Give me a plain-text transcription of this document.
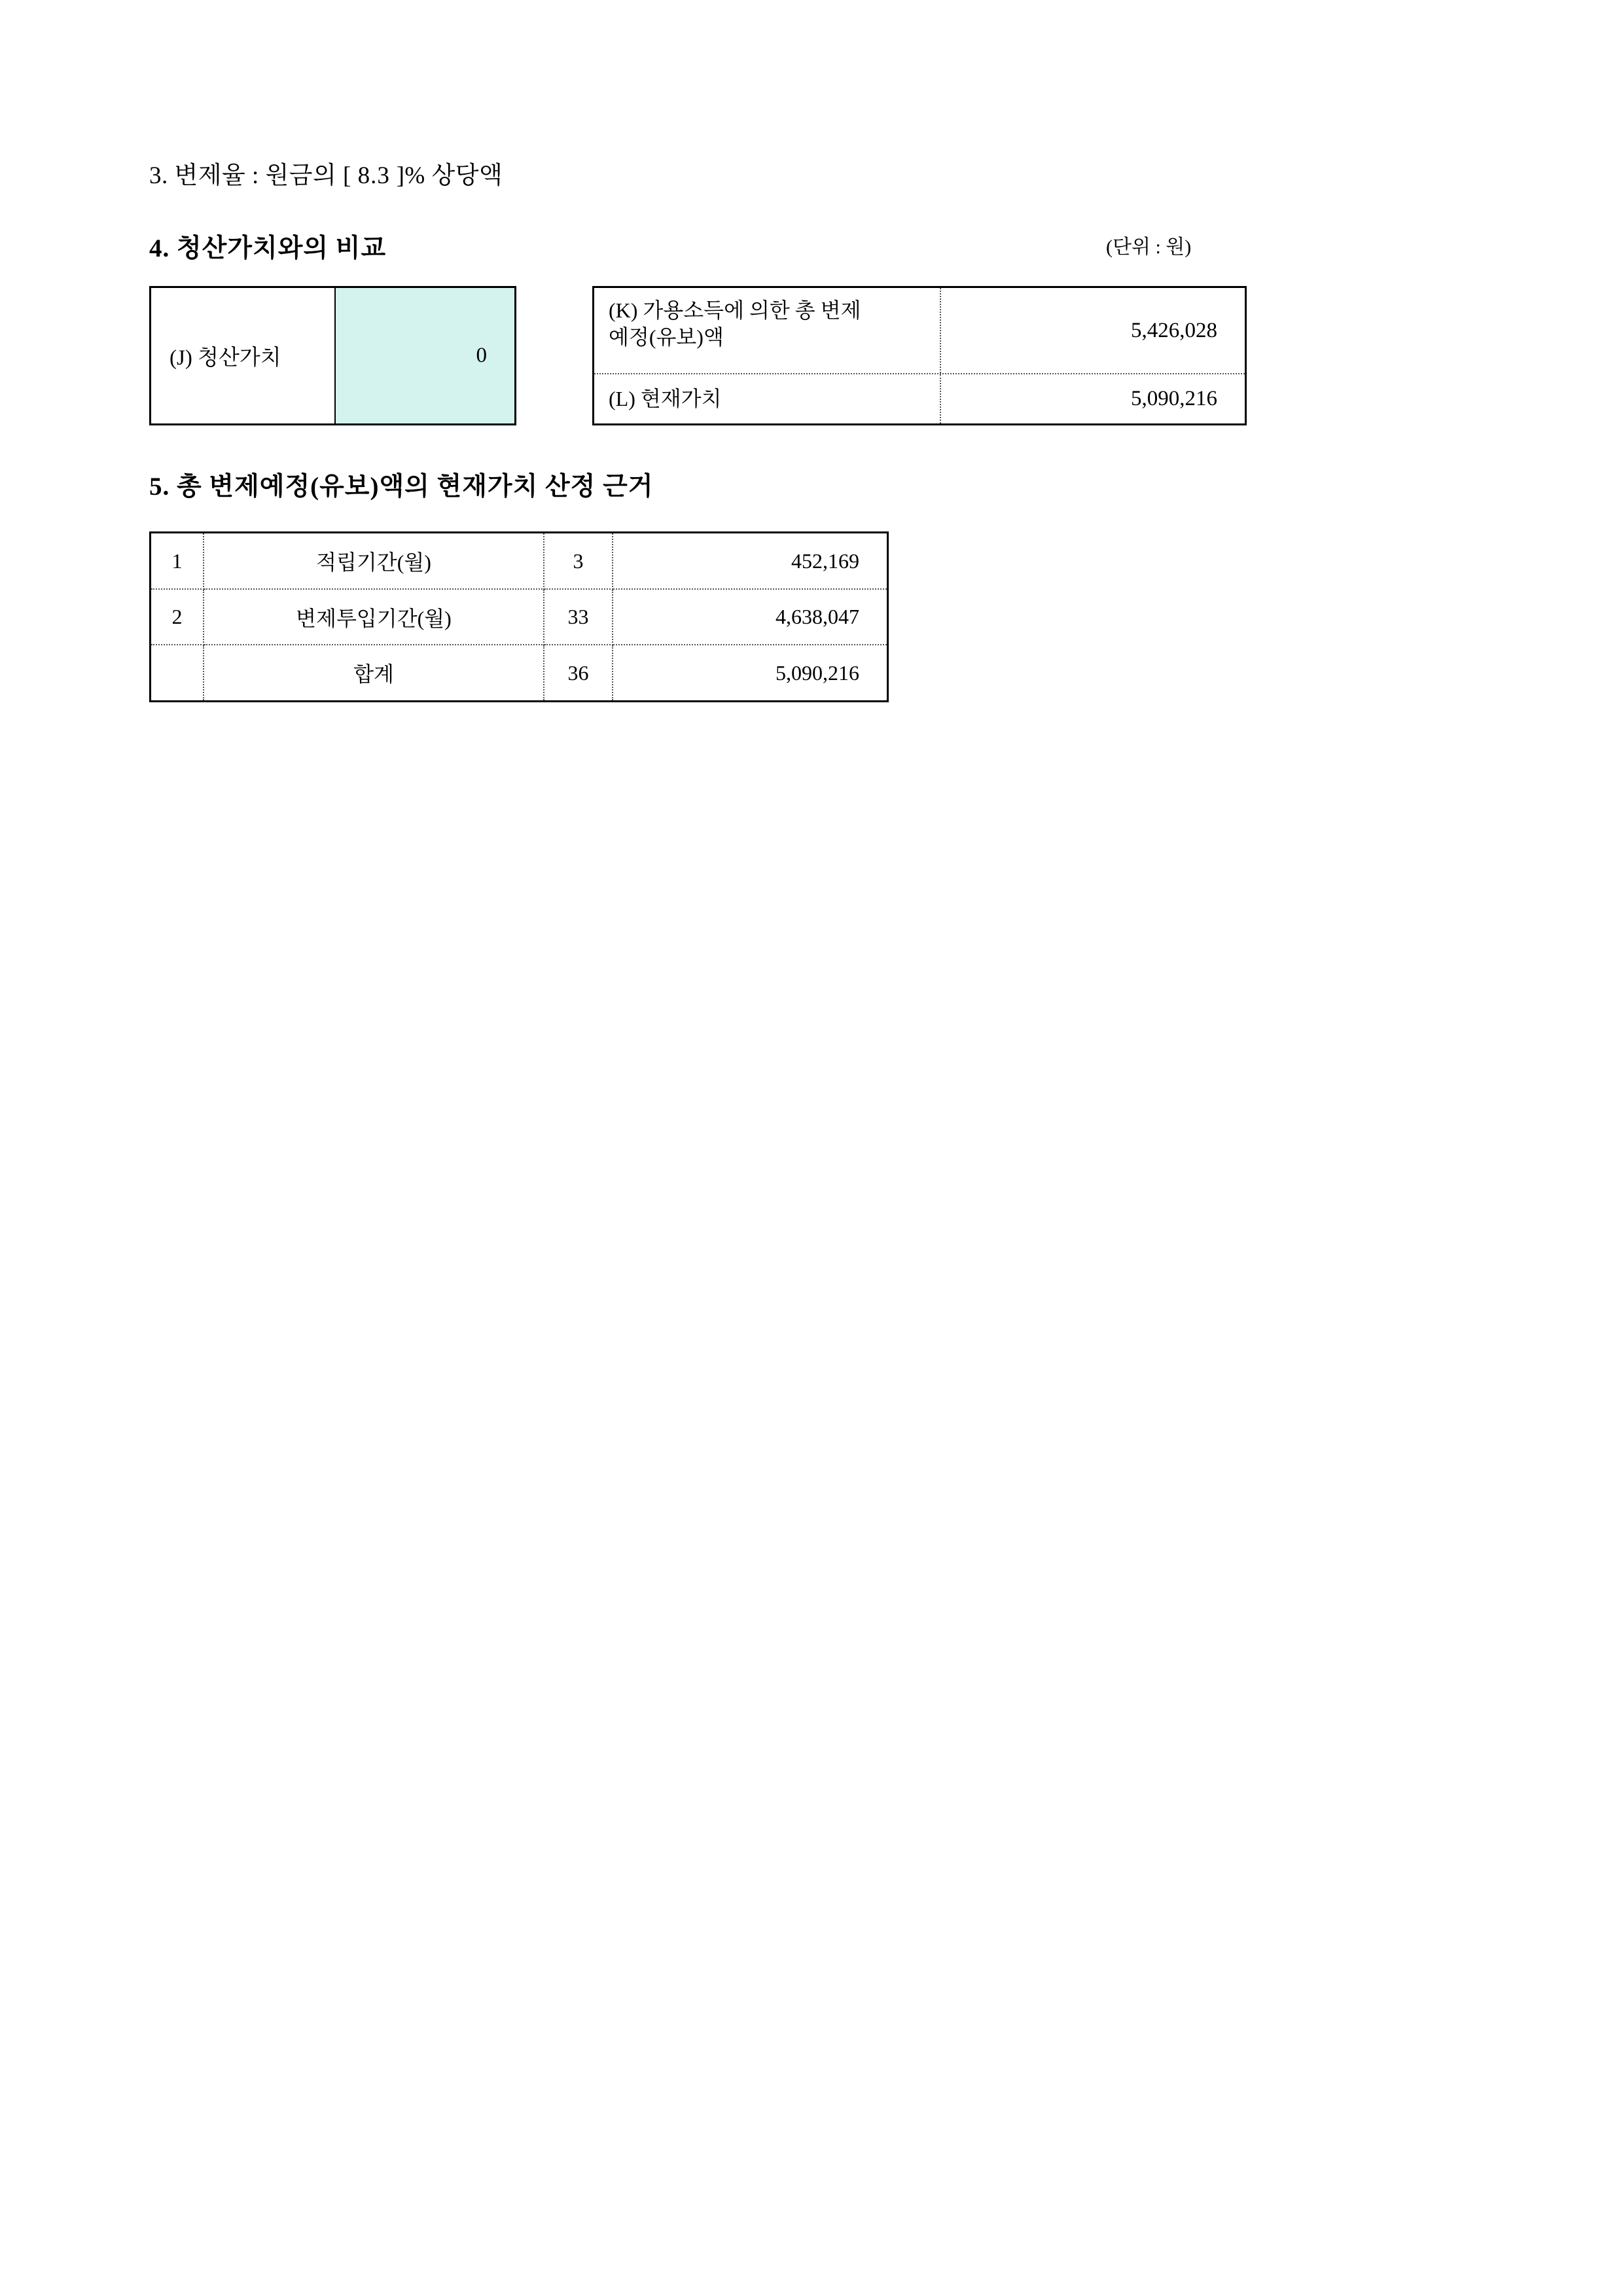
3. 변제율 : 원금의 [ 8.3 ]% 상당액
4. 청산가치와의 비교	(단위 : 원)
(J) 청산가치	0
(K) 가용소득에 의한 총 변제
예정(유보)액	5,426,028
(L) 현재가치	5,090,216
5. 총 변제예정(유보)액의 현재가치 산정 근거
1	적립기간(월)	3	452,169
2	변제투입기간(월)	33	4,638,047
	합계	36	5,090,216
